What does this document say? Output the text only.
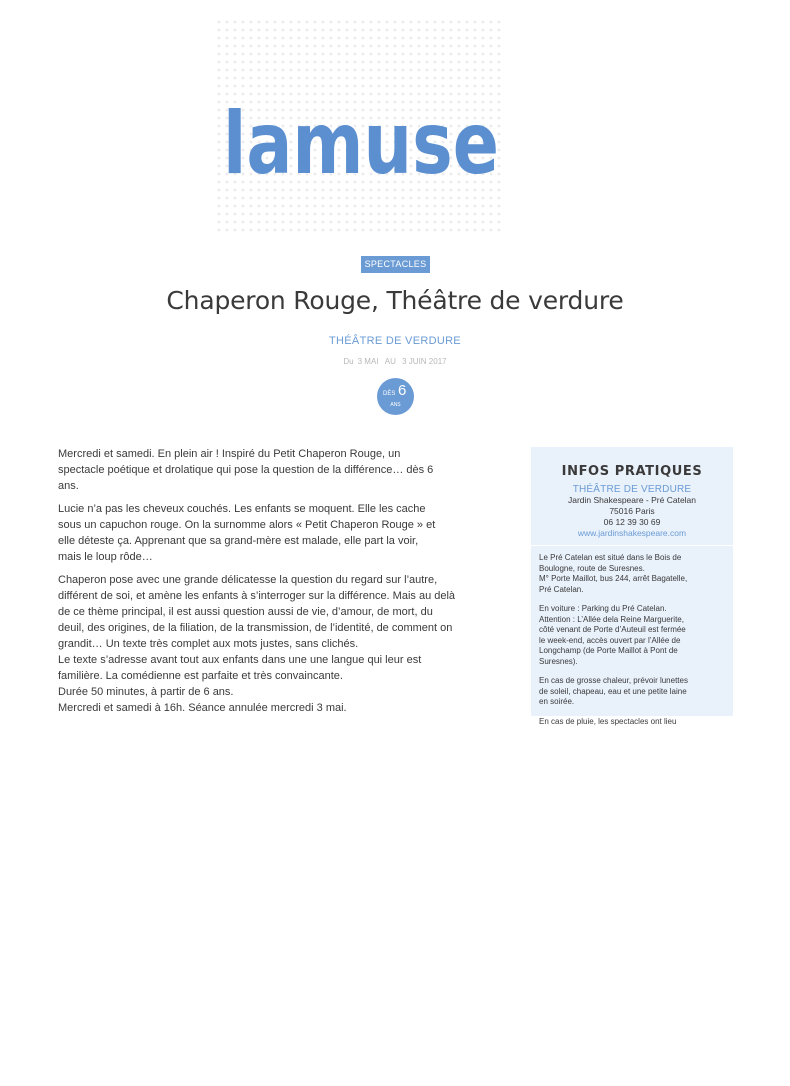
lamuse
SPECTACLES
Chaperon Rouge, Théâtre de verdure
THÉÂTRE DE VERDURE
Du 3 MAI AU 3 JUIN 2017
DÈS 6
ANS

Mercredi et samedi. En plein air ! Inspiré du Petit Chaperon Rouge, un
spectacle poétique et drolatique qui pose la question de la différence… dès 6
ans.

Lucie n’a pas les cheveux couchés. Les enfants se moquent. Elle les cache
sous un capuchon rouge. On la surnomme alors « Petit Chaperon Rouge » et
elle déteste ça. Apprenant que sa grand-mère est malade, elle part la voir,
mais le loup rôde…

Chaperon pose avec une grande délicatesse la question du regard sur l’autre,
différent de soi, et amène les enfants à s’interroger sur la différence. Mais au delà
de ce thème principal, il est aussi question aussi de vie, d’amour, de mort, du
deuil, des origines, de la filiation, de la transmission, de l’identité, de comment on
grandit… Un texte très complet aux mots justes, sans clichés.
Le texte s’adresse avant tout aux enfants dans une une langue qui leur est
familière. La comédienne est parfaite et très convaincante.
Durée 50 minutes, à partir de 6 ans.
Mercredi et samedi à 16h. Séance annulée mercredi 3 mai.

INFOS PRATIQUES
THÉÂTRE DE VERDURE
Jardin Shakespeare - Pré Catelan
75016 Paris
06 12 39 30 69
www.jardinshakespeare.com

Le Pré Catelan est situé dans le Bois de
Boulogne, route de Suresnes.
M° Porte Maillot, bus 244, arrêt Bagatelle,
Pré Catelan.

En voiture : Parking du Pré Catelan.
Attention : L’Allée dela Reine Marguerite,
côté venant de Porte d’Auteuil est fermée
le week-end, accès ouvert par l’Allée de
Longchamp (de Porte Maillot à Pont de
Suresnes).

En cas de grosse chaleur, prévoir lunettes
de soleil, chapeau, eau et une petite laine
en soirée.

En cas de pluie, les spectacles ont lieu
